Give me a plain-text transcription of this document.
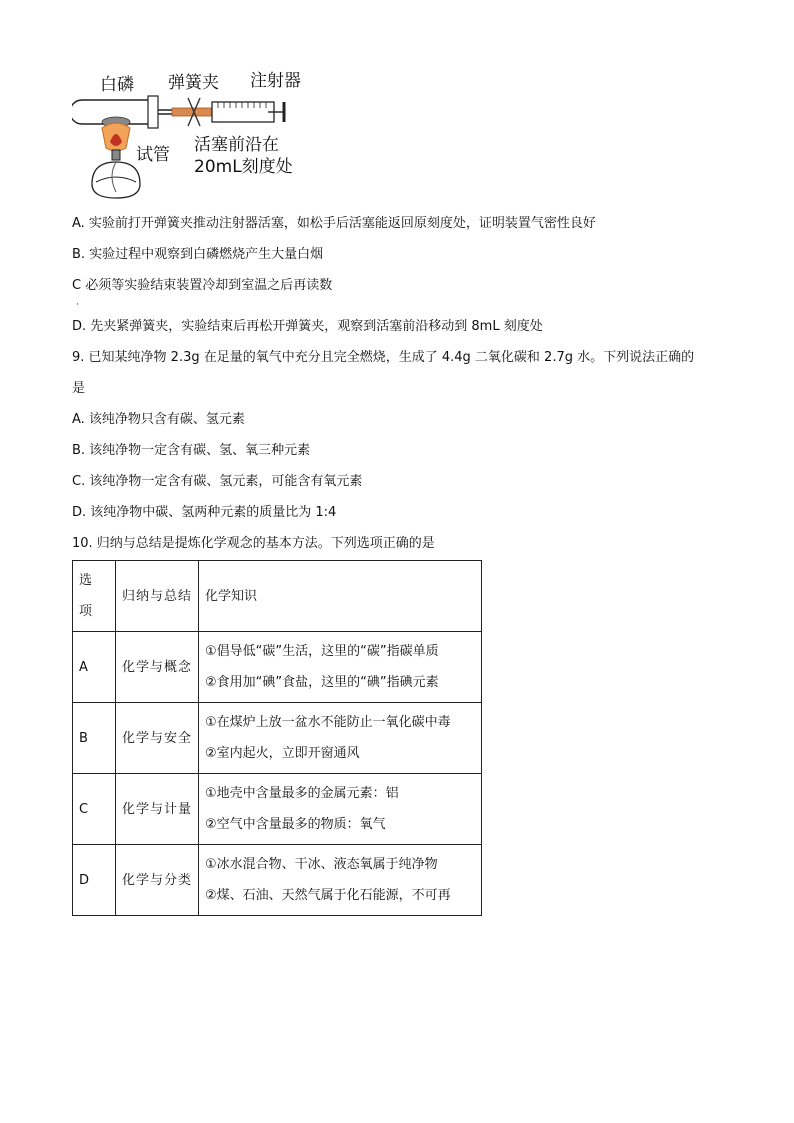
白磷 弹簧夹 注射器
试管 活塞前沿在
20mL刻度处
A. 实验前打开弹簧夹推动注射器活塞，如松手后活塞能返回原刻度处，证明装置气密性良好
B. 实验过程中观察到白磷燃烧产生大量白烟
C 必须等实验结束装置冷却到室温之后再读数
·
D. 先夹紧弹簧夹，实验结束后再松开弹簧夹，观察到活塞前沿移动到 8mL 刻度处
9. 已知某纯净物 2.3g 在足量的氧气中充分且完全燃烧，生成了 4.4g 二氧化碳和 2.7g 水。下列说法正确的
是
A. 该纯净物只含有碳、氢元素
B. 该纯净物一定含有碳、氢、氧三种元素
C. 该纯净物一定含有碳、氢元素，可能含有氧元素
D. 该纯净物中碳、氢两种元素的质量比为 1:4
10. 归纳与总结是提炼化学观念的基本方法。下列选项正确的是
选项	归纳与总结	化学知识
A	化学与概念	①倡导低“碳”生活，这里的“碳”指碳单质
②食用加“碘”食盐，这里的“碘”指碘元素
B	化学与安全	①在煤炉上放一盆水不能防止一氧化碳中毒
②室内起火，立即开窗通风
C	化学与计量	①地壳中含量最多的金属元素：铝
②空气中含量最多的物质：氧气
D	化学与分类	①冰水混合物、干冰、液态氧属于纯净物
②煤、石油、天然气属于化石能源，不可再
